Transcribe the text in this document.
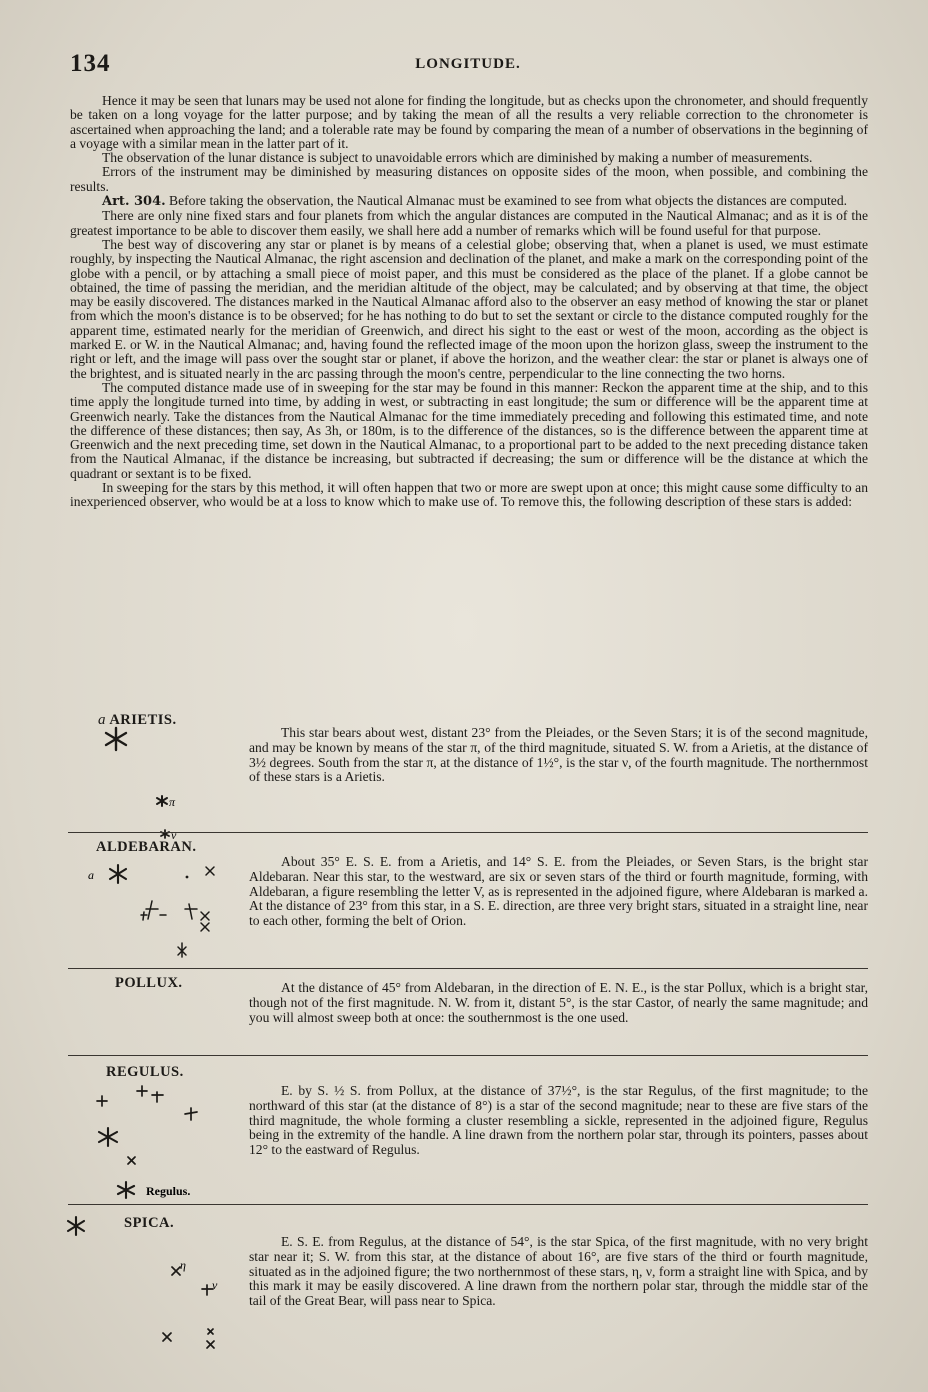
134	LONGITUDE.

Hence it may be seen that lunars may be used not alone for finding the longitude, but as checks upon the chronometer, and should frequently be taken on a long voyage for the latter purpose; and by taking the mean of all the results a very reliable correction to the chronometer is ascertained when approaching the land; and a tolerable rate may be found by comparing the mean of a number of observations in the beginning of a voyage with a similar mean in the latter part of it.

The observation of the lunar distance is subject to unavoidable errors which are diminished by making a number of measurements.

Errors of the instrument may be diminished by measuring distances on opposite sides of the moon, when possible, and combining the results.

Art. 304. Before taking the observation, the Nautical Almanac must be examined to see from what objects the distances are computed.

There are only nine fixed stars and four planets from which the angular distances are computed in the Nautical Almanac; and as it is of the greatest importance to be able to discover them easily, we shall here add a number of remarks which will be found useful for that purpose.

The best way of discovering any star or planet is by means of a celestial globe; observing that, when a planet is used, we must estimate roughly, by inspecting the Nautical Almanac, the right ascension and declination of the planet, and make a mark on the corresponding point of the globe with a pencil, or by attaching a small piece of moist paper, and this must be considered as the place of the planet. If a globe cannot be obtained, the time of passing the meridian, and the meridian altitude of the object, may be calculated; and by observing at that time, the object may be easily discovered. The distances marked in the Nautical Almanac afford also to the observer an easy method of knowing the star or planet from which the moon's distance is to be observed; for he has nothing to do but to set the sextant or circle to the distance computed roughly for the apparent time, estimated nearly for the meridian of Greenwich, and direct his sight to the east or west of the moon, according as the object is marked E. or W. in the Nautical Almanac; and, having found the reflected image of the moon upon the horizon glass, sweep the instrument to the right or left, and the image will pass over the sought star or planet, if above the horizon, and the weather clear: the star or planet is always one of the brightest, and is situated nearly in the arc passing through the moon's centre, perpendicular to the line connecting the two horns.

The computed distance made use of in sweeping for the star may be found in this manner: Reckon the apparent time at the ship, and to this time apply the longitude turned into time, by adding in west, or subtracting in east longitude; the sum or difference will be the apparent time at Greenwich nearly. Take the distances from the Nautical Almanac for the time immediately preceding and following this estimated time, and note the difference of these distances; then say, As 3h, or 180m, is to the difference of the distances, so is the difference between the apparent time at Greenwich and the next preceding time, set down in the Nautical Almanac, to a proportional part to be added to the next preceding distance taken from the Nautical Almanac, if the distance be increasing, but subtracted if decreasing; the sum or difference will be the distance at which the quadrant or sextant is to be fixed.

In sweeping for the stars by this method, it will often happen that two or more are swept upon at once; this might cause some difficulty to an inexperienced observer, who would be at a loss to know which to make use of. To remove this, the following description of these stars is added:

a ARIETIS.
π
ν

This star bears about west, distant 23° from the Pleiades, or the Seven Stars; it is of the second magnitude, and may be known by means of the star π, of the third magnitude, situated S. W. from a Arietis, at the distance of 3½ degrees. South from the star π, at the distance of 1½°, is the star ν, of the fourth magnitude. The northernmost of these stars is a Arietis.

ALDEBARAN.
a

About 35° E. S. E. from a Arietis, and 14° S. E. from the Pleiades, or Seven Stars, is the bright star Aldebaran. Near this star, to the westward, are six or seven stars of the third or fourth magnitude, forming, with Aldebaran, a figure resembling the letter V, as is represented in the adjoined figure, where Aldebaran is marked a. At the distance of 23° from this star, in a S. E. direction, are three very bright stars, situated in a straight line, near to each other, forming the belt of Orion.

POLLUX.	At the distance of 45° from Aldebaran, in the direction of E. N. E., is the star Pollux, which is a bright star, though not of the first magnitude. N. W. from it, distant 5°, is the star Castor, of nearly the same magnitude; and you will almost sweep both at once: the southernmost is the one used.

REGULUS.
Regulus.

E. by S. ½ S. from Pollux, at the distance of 37½°, is the star Regulus, of the first magnitude; to the northward of this star (at the distance of 8°) is a star of the second magnitude; near to these are five stars of the third magnitude, the whole forming a cluster resembling a sickle, represented in the adjoined figure, Regulus being in the extremity of the handle. A line drawn from the northern polar star, through its pointers, passes about 12° to the eastward of Regulus.

SPICA.
η
ν

E. S. E. from Regulus, at the distance of 54°, is the star Spica, of the first magnitude, with no very bright star near it; S. W. from this star, at the distance of about 16°, are five stars of the third or fourth magnitude, situated as in the adjoined figure; the two northernmost of these stars, η, ν, form a straight line with Spica, and by this mark it may be easily discovered. A line drawn from the northern polar star, through the middle star of the tail of the Great Bear, will pass near to Spica.
